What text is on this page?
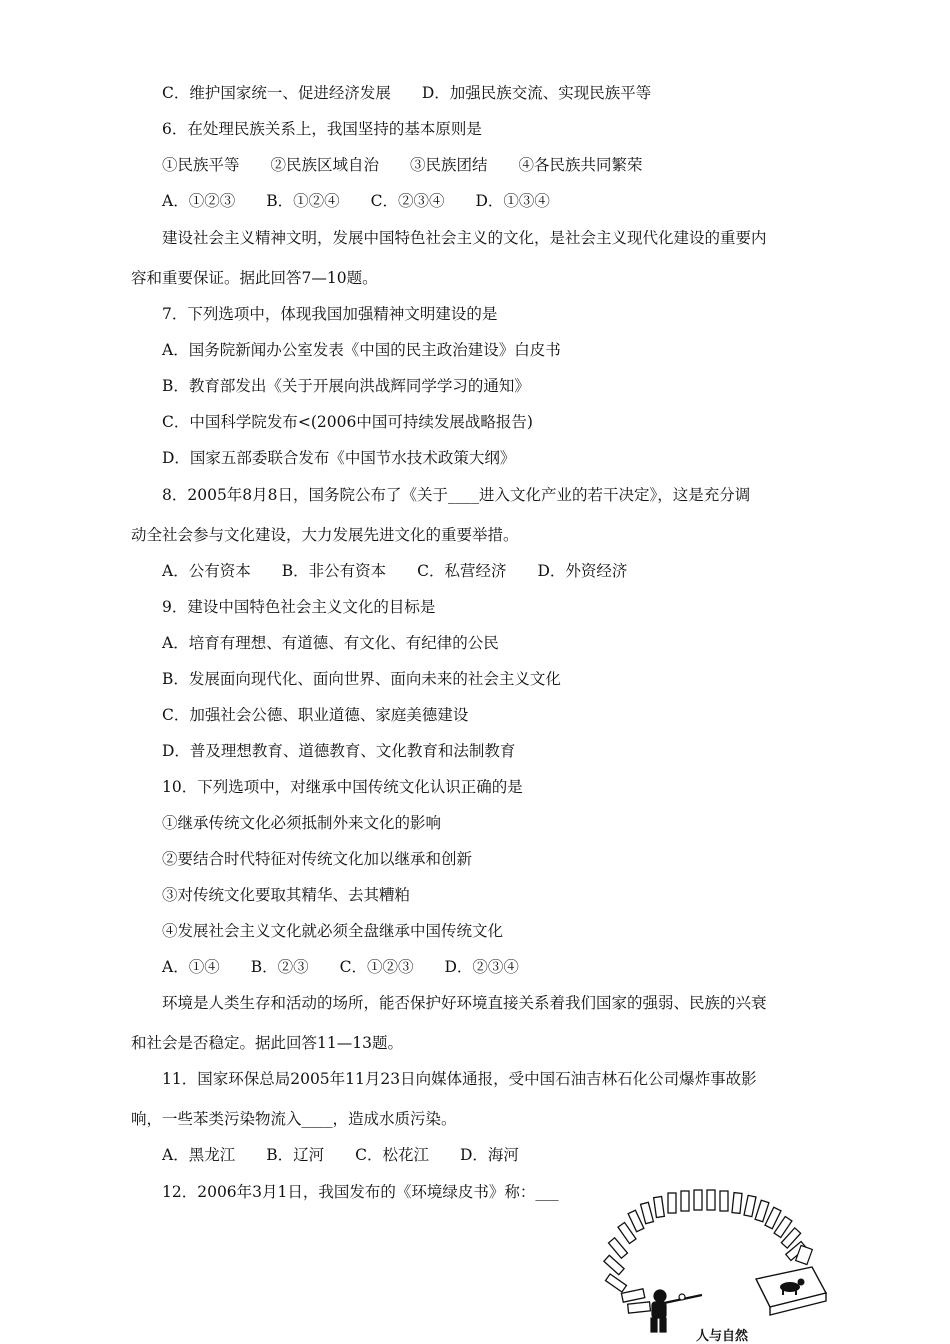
C．维护国家统一、促进经济发展　　D．加强民族交流、实现民族平等
6．在处理民族关系上，我国坚持的基本原则是
①民族平等　　②民族区域自治　　③民族团结　　④各民族共同繁荣
A．①②③　　B．①②④　　C．②③④　　D．①③④
建设社会主义精神文明，发展中国特色社会主义的文化，是社会主义现代化建设的重要内
容和重要保证。据此回答7—10题。
7．下列选项中，体现我国加强精神文明建设的是
A．国务院新闻办公室发表《中国的民主政治建设》白皮书
B．教育部发出《关于开展向洪战辉同学学习的通知》
C．中国科学院发布<(2006中国可持续发展战略报告)
D．国家五部委联合发布《中国节水技术政策大纲》
8．2005年8月8日，国务院公布了《关于____进入文化产业的若干决定》，这是充分调
动全社会参与文化建设，大力发展先进文化的重要举措。
A．公有资本　　B．非公有资本　　C．私营经济　　D．外资经济
9．建设中国特色社会主义文化的目标是
A．培育有理想、有道德、有文化、有纪律的公民
B．发展面向现代化、面向世界、面向未来的社会主义文化
C．加强社会公德、职业道德、家庭美德建设
D．普及理想教育、道德教育、文化教育和法制教育
10．下列选项中，对继承中国传统文化认识正确的是
①继承传统文化必须抵制外来文化的影响
②要结合时代特征对传统文化加以继承和创新
③对传统文化要取其精华、去其糟粕
④发展社会主义文化就必须全盘继承中国传统文化
A．①④　　B．②③　　C．①②③　　D．②③④
环境是人类生存和活动的场所，能否保护好环境直接关系着我们国家的强弱、民族的兴衰
和社会是否稳定。据此回答11—13题。
11．国家环保总局2005年11月23日向媒体通报，受中国石油吉林石化公司爆炸事故影
响，一些苯类污染物流入____，造成水质污染。
A．黑龙江　　B．辽河　　C．松花江　　D．海河
12．2006年3月1日，我国发布的《环境绿皮书》称：___
人与自然
